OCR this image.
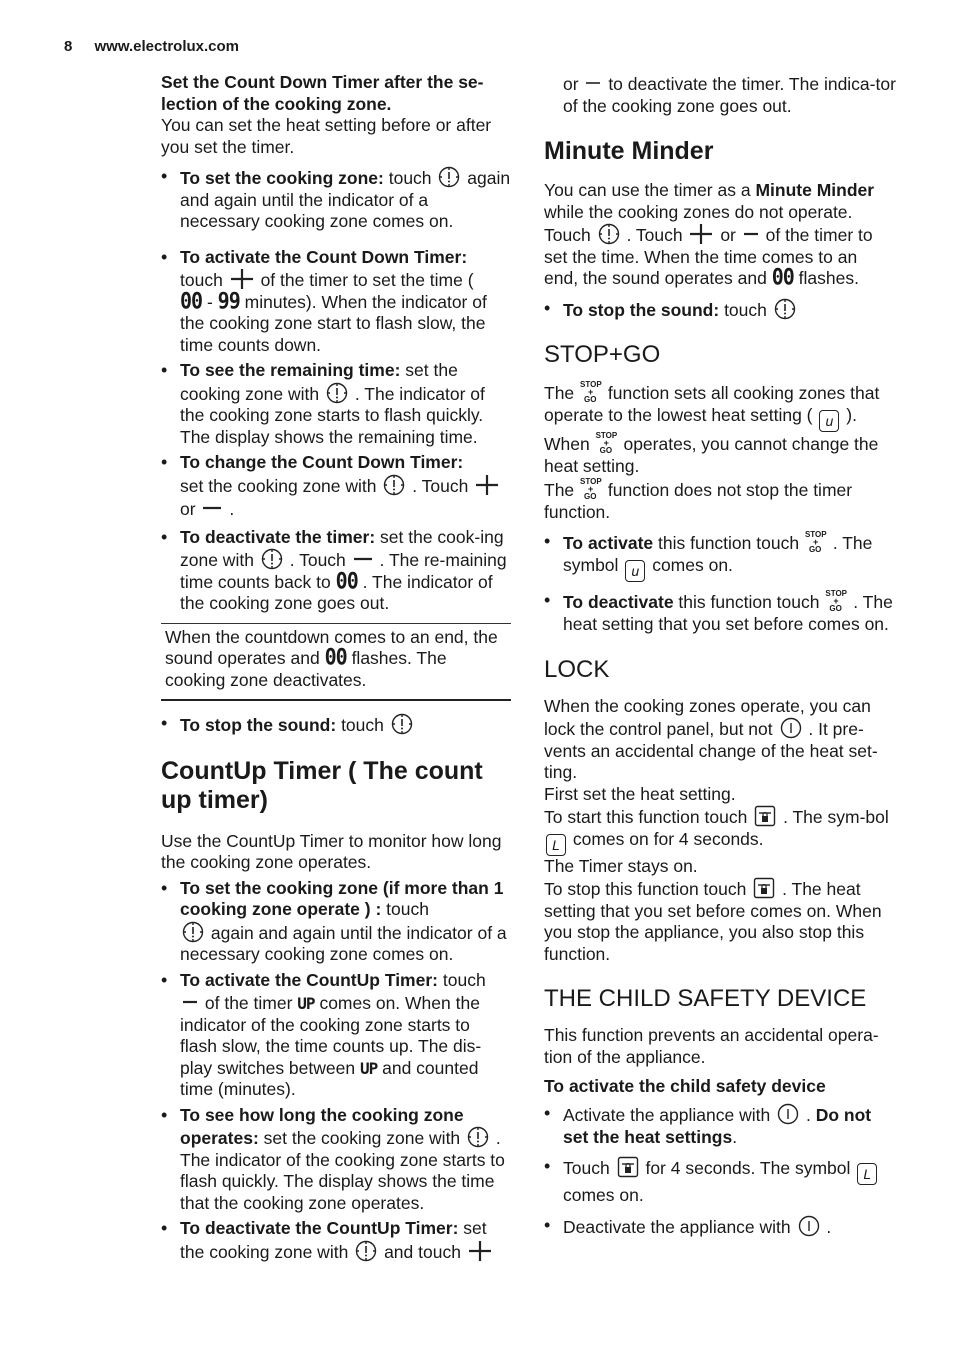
8 www.electrolux.com

Set the Count Down Timer after the se-lection of the cooking zone.

You can set the heat setting before or after you set the timer.

• To set the cooking zone: touch again and again until the indicator of a necessary cooking zone comes on.
• To activate the Count Down Timer:
touch of the timer to set the time (
00 - 99 minutes). When the indicator of the cooking zone start to flash slow, the time counts down.
• To see the remaining time: set the cooking zone with . The indicator of the cooking zone starts to flash quickly. The display shows the remaining time.
• To change the Count Down Timer:
set the cooking zone with . Touch

or .
• To deactivate the timer: set the cook-ing zone with . Touch . The re-maining time counts back to 00 . The indicator of the cooking zone goes out.
When the countdown comes to an end, the sound operates and 00 flashes. The cooking zone deactivates.
• To stop the sound: touch
CountUp Timer ( The count up timer)

Use the CountUp Timer to monitor how long the cooking zone operates.

• To set the cooking zone (if more than 1 cooking zone operate ) : touch

again and again until the indicator of a necessary cooking zone comes on.
• To activate the CountUp Timer: touch

of the timer UP comes on. When the indicator of the cooking zone starts to flash slow, the time counts up. The dis-play switches between UP and counted time (minutes).
• To see how long the cooking zone operates: set the cooking zone with . The indicator of the cooking zone starts to flash quickly. The display shows the time that the cooking zone operates.
• To deactivate the CountUp Timer: set the cooking zone with and touch
or to deactivate the timer. The indica-tor of the cooking zone goes out.
Minute Minder

You can use the timer as a Minute Minder while the cooking zones do not operate. Touch . Touch or of the timer to set the time. When the time comes to an end, the sound operates and 00 flashes.

• To stop the sound: touch
STOP+GO

The STOP
+
GO function sets all cooking zones that operate to the lowest heat setting ( u ).
When STOP
+
GO operates, you cannot change the heat setting.
The STOP
+
GO function does not stop the timer function.

• To activate this function touch STOP
+
GO . The symbol u comes on.
• To deactivate this function touch STOP
+
GO . The heat setting that you set before comes on.
LOCK

When the cooking zones operate, you can lock the control panel, but not . It pre-vents an accidental change of the heat set-ting.
First set the heat setting.
To start this function touch . The sym-bol L comes on for 4 seconds.
The Timer stays on.
To stop this function touch . The heat setting that you set before comes on. When you stop the appliance, you also stop this function.

THE CHILD SAFETY DEVICE

This function prevents an accidental opera-tion of the appliance.

To activate the child safety device
• Activate the appliance with . Do not set the heat settings.
• Touch for 4 seconds. The symbol L comes on.
• Deactivate the appliance with .
